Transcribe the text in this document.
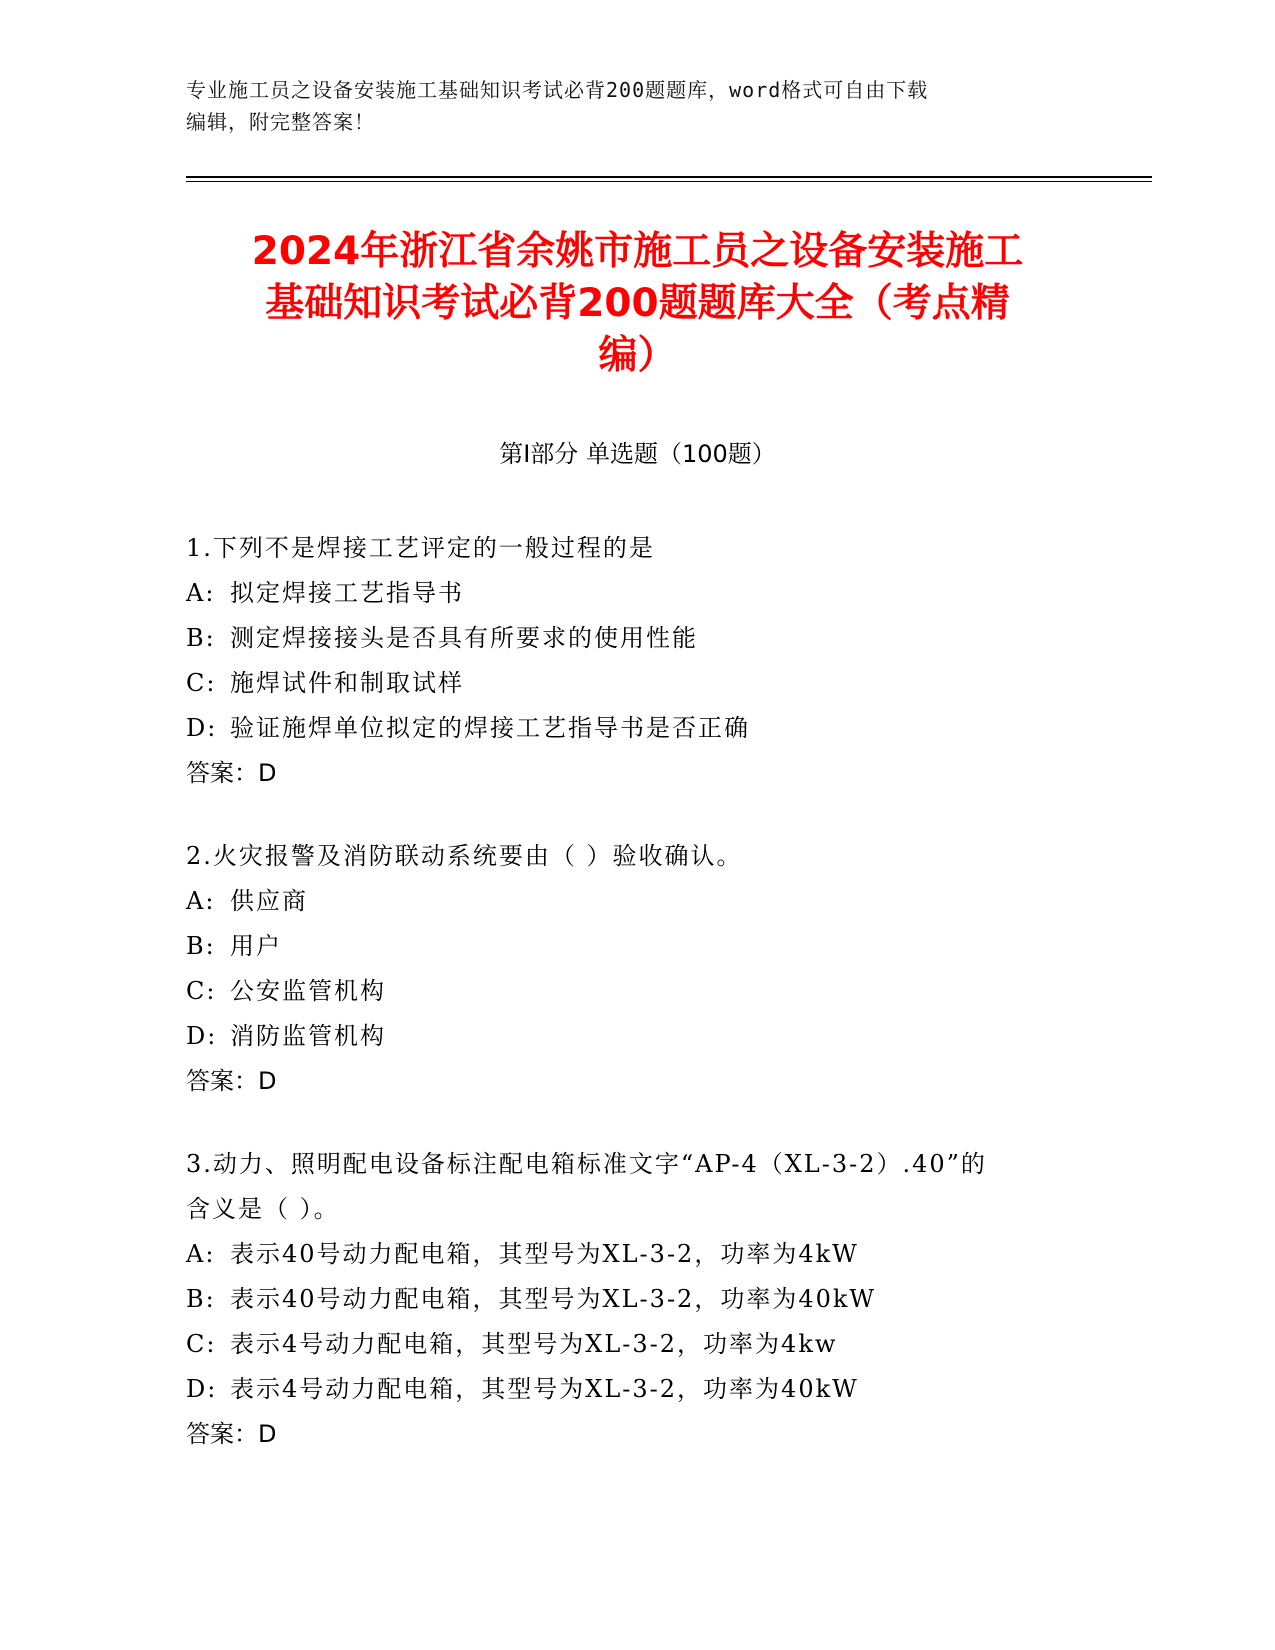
专业施工员之设备安装施工基础知识考试必背200题题库，word格式可自由下载
编辑，附完整答案！
2024年浙江省余姚市施工员之设备安装施工
基础知识考试必背200题题库大全（考点精
编）
第I部分 单选题（100题）
1.下列不是焊接工艺评定的一般过程的是
A: 拟定焊接工艺指导书
B: 测定焊接接头是否具有所要求的使用性能
C: 施焊试件和制取试样
D: 验证施焊单位拟定的焊接工艺指导书是否正确
答案：D
2.火灾报警及消防联动系统要由（ ）验收确认。
A: 供应商
B: 用户
C: 公安监管机构
D: 消防监管机构
答案：D
3.动力、照明配电设备标注配电箱标准文字“AP-4（XL-3-2）.40”的
含义是（ ）。
A: 表示40号动力配电箱，其型号为XL-3-2，功率为4kW
B: 表示40号动力配电箱，其型号为XL-3-2，功率为40kW
C: 表示4号动力配电箱，其型号为XL-3-2，功率为4kw
D: 表示4号动力配电箱，其型号为XL-3-2，功率为40kW
答案：D
